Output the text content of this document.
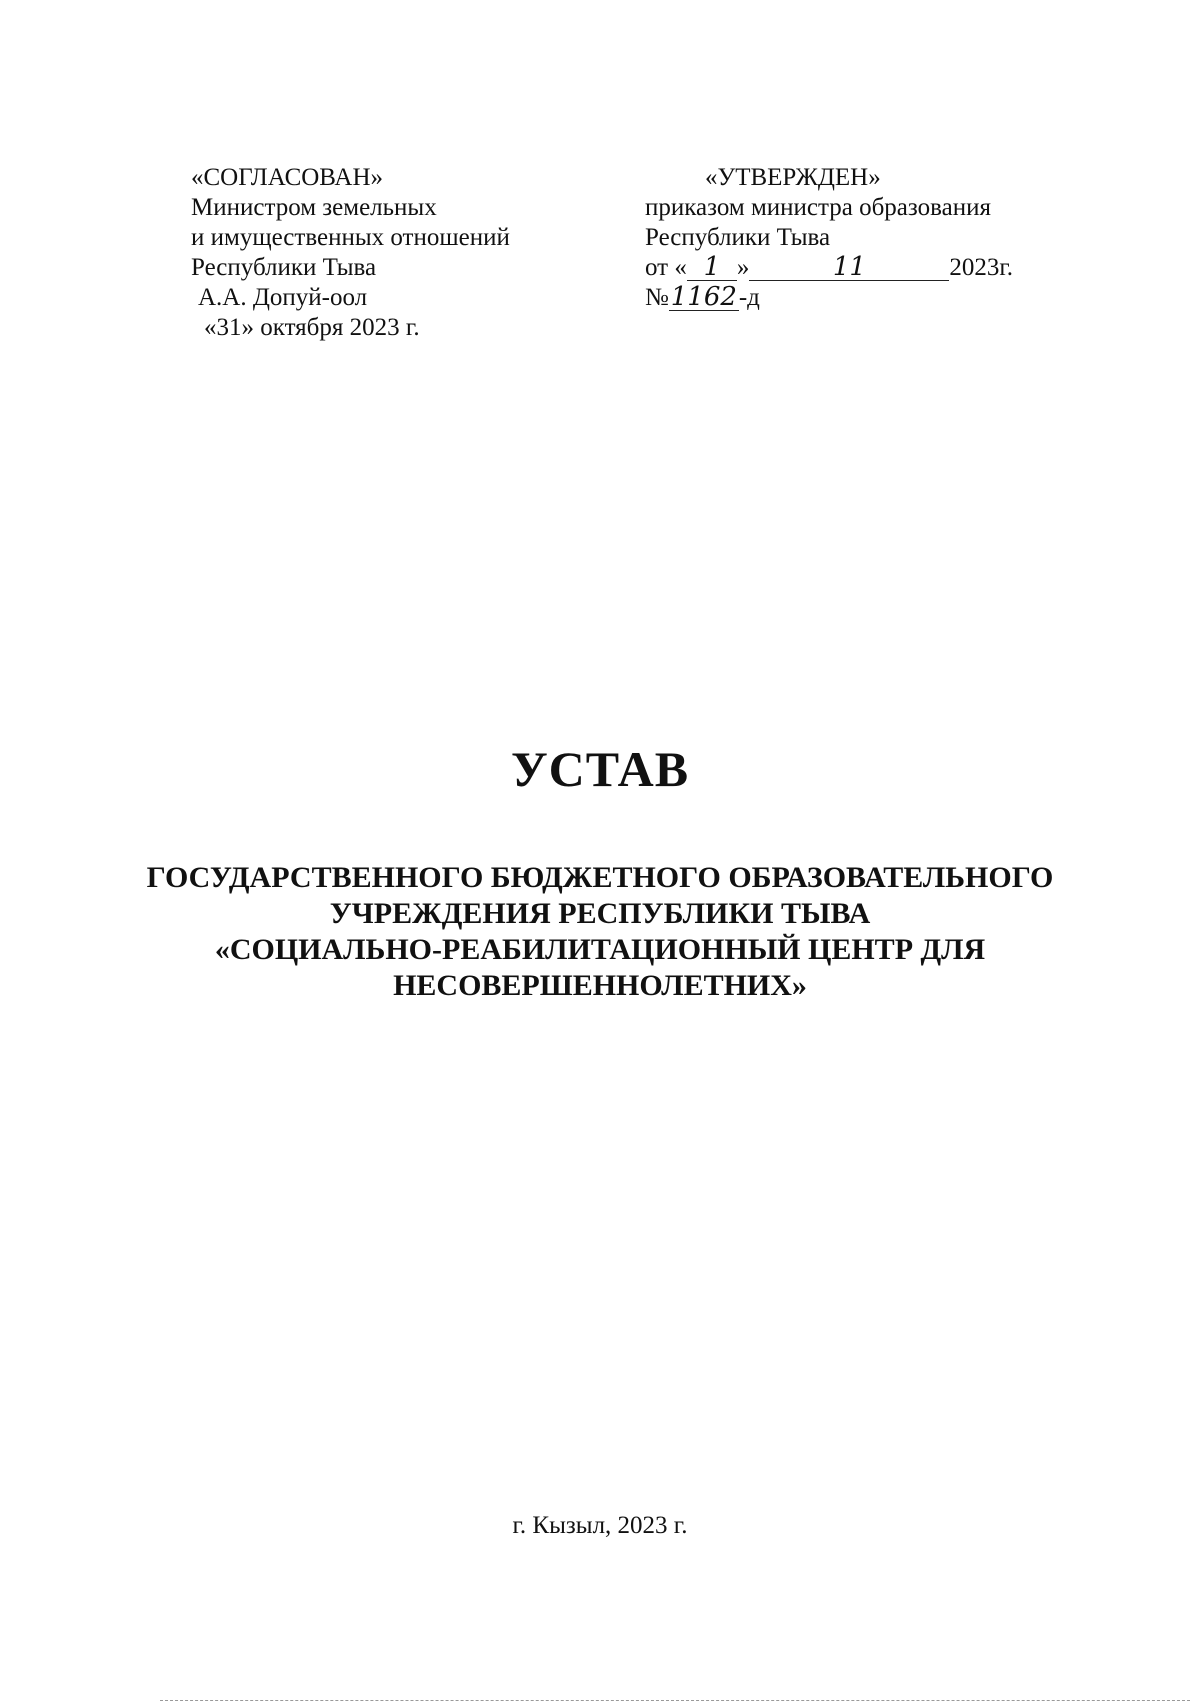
«СОГЛАСОВАН»
Министром земельных
и имущественных отношений
Республики Тыва
А.А. Допуй-оол
«31» октября 2023 г.
«УТВЕРЖДЕН»
приказом министра образования
Республики Тыва
от « 1 »	11	2023г.
№1162-д
УСТАВ
ГОСУДАРСТВЕННОГО БЮДЖЕТНОГО ОБРАЗОВАТЕЛЬНОГО
УЧРЕЖДЕНИЯ РЕСПУБЛИКИ ТЫВА
«СОЦИАЛЬНО-РЕАБИЛИТАЦИОННЫЙ ЦЕНТР ДЛЯ
НЕСОВЕРШЕННОЛЕТНИХ»
г. Кызыл, 2023 г.
